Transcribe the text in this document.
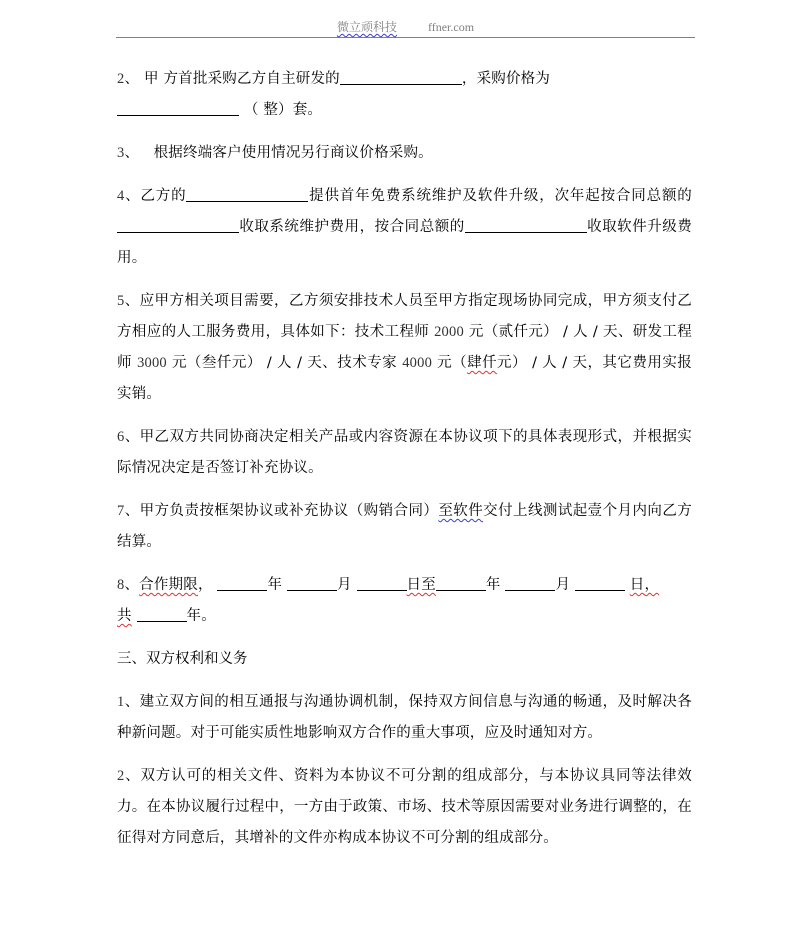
微立顽科技	ffner.com

2、 甲 方首批采购乙方自主研发的	，采购价格为
（ 整）套。

3、   根据终端客户使用情况另行商议价格采购。

4、乙方的	提供首年免费系统维护及软件升级，次年起按合同总额的收取系统维护费用，按合同总额的	收取软件升级费用。

5、应甲方相关项目需要，乙方须安排技术人员至甲方指定现场协同完成，甲方须支付乙方相应的人工服务费用，具体如下：技术工程师 2000 元（贰仟元） / 人 / 天、研发工程师 3000 元（叁仟元） / 人 / 天、技术专家 4000 元（肆仟元） / 人 / 天，其它费用实报实销。

6、甲乙双方共同协商决定相关产品或内容资源在本协议项下的具体表现形式，并根据实际情况决定是否签订补充协议。

7、甲方负责按框架协议或补充协议（购销合同）至软件交付上线测试起壹个月内向乙方结算。

8、合作期限，	年	月	日至	年	月	日，
共	年。

三、双方权利和义务

1、建立双方间的相互通报与沟通协调机制，保持双方间信息与沟通的畅通，及时解决各种新问题。对于可能实质性地影响双方合作的重大事项，应及时通知对方。

2、双方认可的相关文件、资料为本协议不可分割的组成部分，与本协议具同等法律效力。在本协议履行过程中，一方由于政策、市场、技术等原因需要对业务进行调整的，在征得对方同意后，其增补的文件亦构成本协议不可分割的组成部分。
